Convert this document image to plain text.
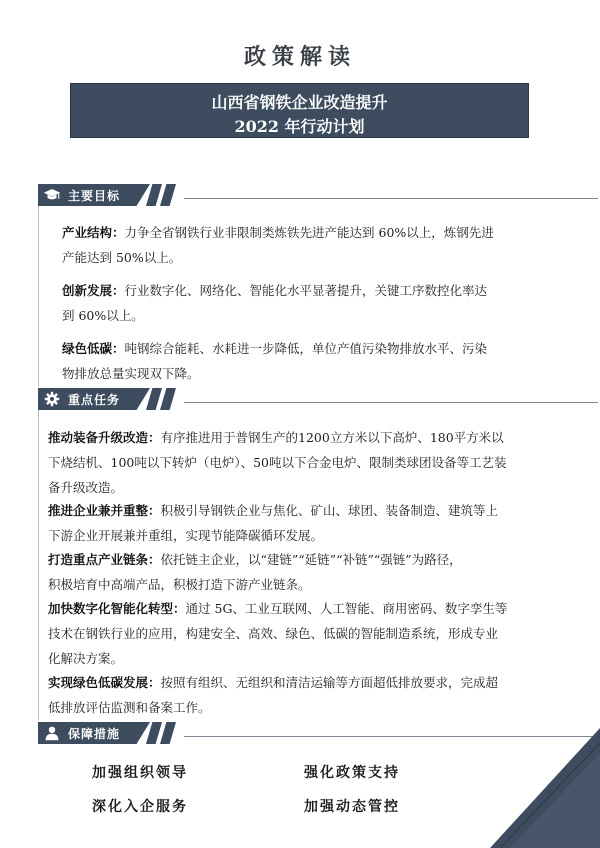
政策解读
山西省钢铁企业改造提升
2022 年行动计划
主要目标
产业结构：力争全省钢铁行业非限制类炼铁先进产能达到 60%以上，炼钢先进
产能达到 50%以上。
创新发展：行业数字化、网络化、智能化水平显著提升，关键工序数控化率达
到 60%以上。
绿色低碳：吨钢综合能耗、水耗进一步降低，单位产值污染物排放水平、污染
物排放总量实现双下降。
重点任务
推动装备升级改造：有序推进用于普钢生产的1200立方米以下高炉、180平方米以
下烧结机、100吨以下转炉（电炉）、50吨以下合金电炉、限制类球团设备等工艺装
备升级改造。
推进企业兼并重整：积极引导钢铁企业与焦化、矿山、球团、装备制造、建筑等上
下游企业开展兼并重组，实现节能降碳循环发展。
打造重点产业链条：依托链主企业，以“建链”“延链”“补链”“强链”为路径，
积极培育中高端产品，积极打造下游产业链条。
加快数字化智能化转型：通过 5G、工业互联网、人工智能、商用密码、数字孪生等
技术在钢铁行业的应用，构建安全、高效、绿色、低碳的智能制造系统，形成专业
化解决方案。
实现绿色低碳发展：按照有组织、无组织和清洁运输等方面超低排放要求，完成超
低排放评估监测和备案工作。
保障措施
加强组织领导	强化政策支持
深化入企服务	加强动态管控
